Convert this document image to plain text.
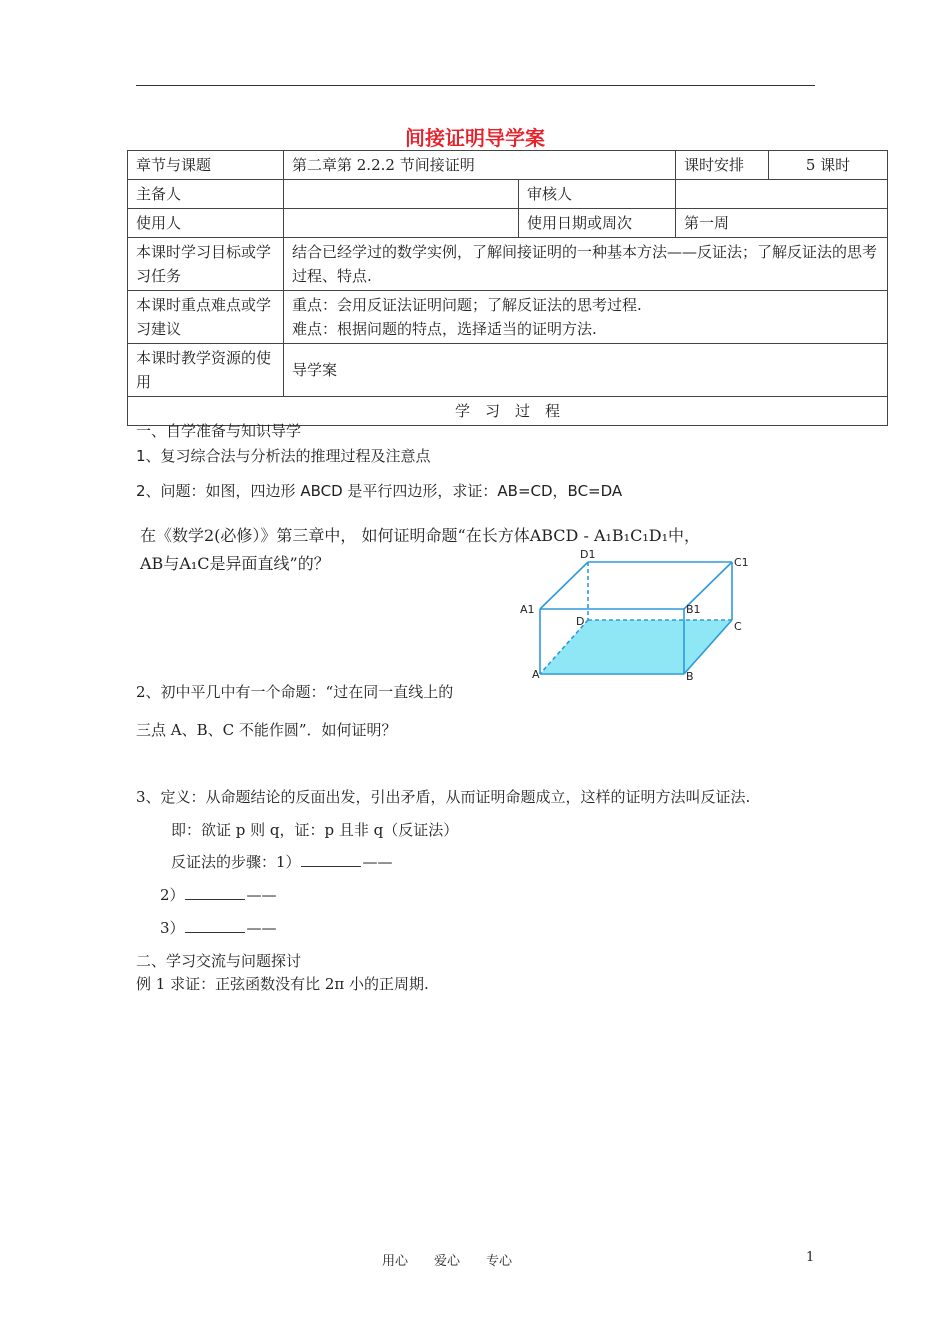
间接证明导学案
章节与课题	第二章第 2.2.2 节间接证明		课时安排	5 课时
主备人		审核人		
使用人		使用日期或周次	第一周	
本课时学习目标或学习任务	结合已经学过的数学实例，了解间接证明的一种基本方法——反证法；了解反证法的思考过程、特点.			
本课时重点难点或学习建议	重点：会用反证法证明问题；了解反证法的思考过程.
难点：根据问题的特点，选择适当的证明方法.			

本课时教学资源的使用	导学案			
学　习　过　程				
一、自学准备与知识导学
1、复习综合法与分析法的推理过程及注意点
2、问题：如图，四边形 ABCD 是平行四边形，求证：AB=CD，BC=DA
在《数学2(必修）》第三章中， 如何证明命题“在长方体ABCD - A₁B₁C₁D₁中，
AB与A₁C是异面直线”的？	D1
C1
A1	B1
D	C
A	B
2、初中平几中有一个命题：“过在同一直线上的
三点 A、B、C 不能作圆”．如何证明？
3、定义：从命题结论的反面出发，引出矛盾，从而证明命题成立，这样的证明方法叫反证法.
即：欲证 p 则 q，证：p 且非 q（反证法）
反证法的步骤：1）	——
2）	——
3）	——
二、学习交流与问题探讨
例 1 求证：正弦函数没有比 2π 小的正周期.
用心　　爱心　　专心	1
